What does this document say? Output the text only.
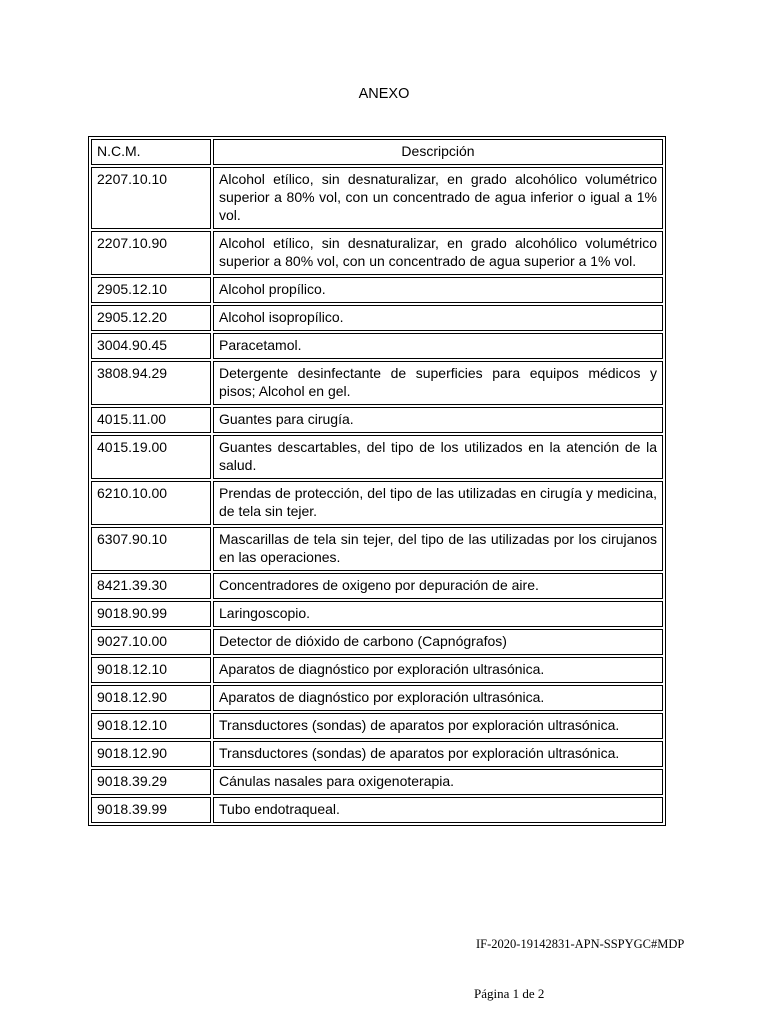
ANEXO
N.C.M.	Descripción
2207.10.10	Alcohol etílico, sin desnaturalizar, en grado alcohólico volumétrico superior a 80% vol, con un concentrado de agua inferior o igual a 1% vol.
2207.10.90	Alcohol etílico, sin desnaturalizar, en grado alcohólico volumétrico superior a 80% vol, con un concentrado de agua superior a 1% vol.
2905.12.10	Alcohol propílico.
2905.12.20	Alcohol isopropílico.
3004.90.45	Paracetamol.
3808.94.29	Detergente desinfectante de superficies para equipos médicos y pisos; Alcohol en gel.
4015.11.00	Guantes para cirugía.
4015.19.00	Guantes descartables, del tipo de los utilizados en la atención de la salud.
6210.10.00	Prendas de protección, del tipo de las utilizadas en cirugía y medicina, de tela sin tejer.
6307.90.10	Mascarillas de tela sin tejer, del tipo de las utilizadas por los cirujanos en las operaciones.
8421.39.30	Concentradores de oxigeno por depuración de aire.
9018.90.99	Laringoscopio.
9027.10.00	Detector de dióxido de carbono (Capnógrafos)
9018.12.10	Aparatos de diagnóstico por exploración ultrasónica.
9018.12.90	Aparatos de diagnóstico por exploración ultrasónica.
9018.12.10	Transductores (sondas) de aparatos por exploración ultrasónica.
9018.12.90	Transductores (sondas) de aparatos por exploración ultrasónica.
9018.39.29	Cánulas nasales para oxigenoterapia.
9018.39.99	Tubo endotraqueal.
IF-2020-19142831-APN-SSPYGC#MDP
Página 1 de 2
